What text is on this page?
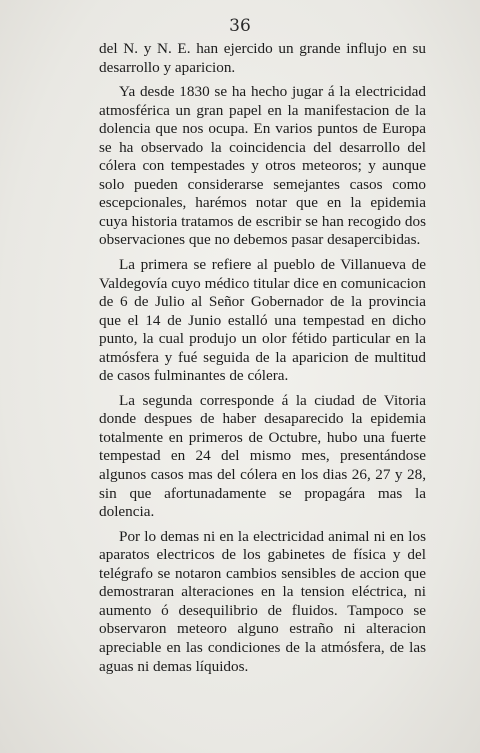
36

del N. y N. E. han ejercido un grande influjo en su desarrollo y aparicion.

Ya desde 1830 se ha hecho jugar á la electricidad atmosférica un gran papel en la manifestacion de la dolencia que nos ocupa. En varios puntos de Europa se ha observado la coincidencia del desarrollo del cólera con tempestades y otros meteoros; y aunque solo pueden considerarse semejantes casos como escepcionales, harémos notar que en la epidemia cuya historia tratamos de escribir se han recogido dos observaciones que no debemos pasar desapercibidas.

La primera se refiere al pueblo de Villanueva de Valdegovía cuyo médico titular dice en comunicacion de 6 de Julio al Señor Gobernador de la provincia que el 14 de Junio estalló una tempestad en dicho punto, la cual produjo un olor fétido particular en la atmósfera y fué seguida de la aparicion de multitud de casos fulminantes de cólera.

La segunda corresponde á la ciudad de Vitoria donde despues de haber desaparecido la epidemia totalmente en primeros de Octubre, hubo una fuerte tempestad en 24 del mismo mes, presentándose algunos casos mas del cólera en los dias 26, 27 y 28, sin que afortunadamente se propagára mas la dolencia.

Por lo demas ni en la electricidad animal ni en los aparatos electricos de los gabinetes de física y del telégrafo se notaron cambios sensibles de accion que demostraran alteraciones en la tension eléctrica, ni aumento ó desequilibrio de fluidos. Tampoco se observaron meteoro alguno estraño ni alteracion apreciable en las condiciones de la atmósfera, de las aguas ni demas líquidos.
